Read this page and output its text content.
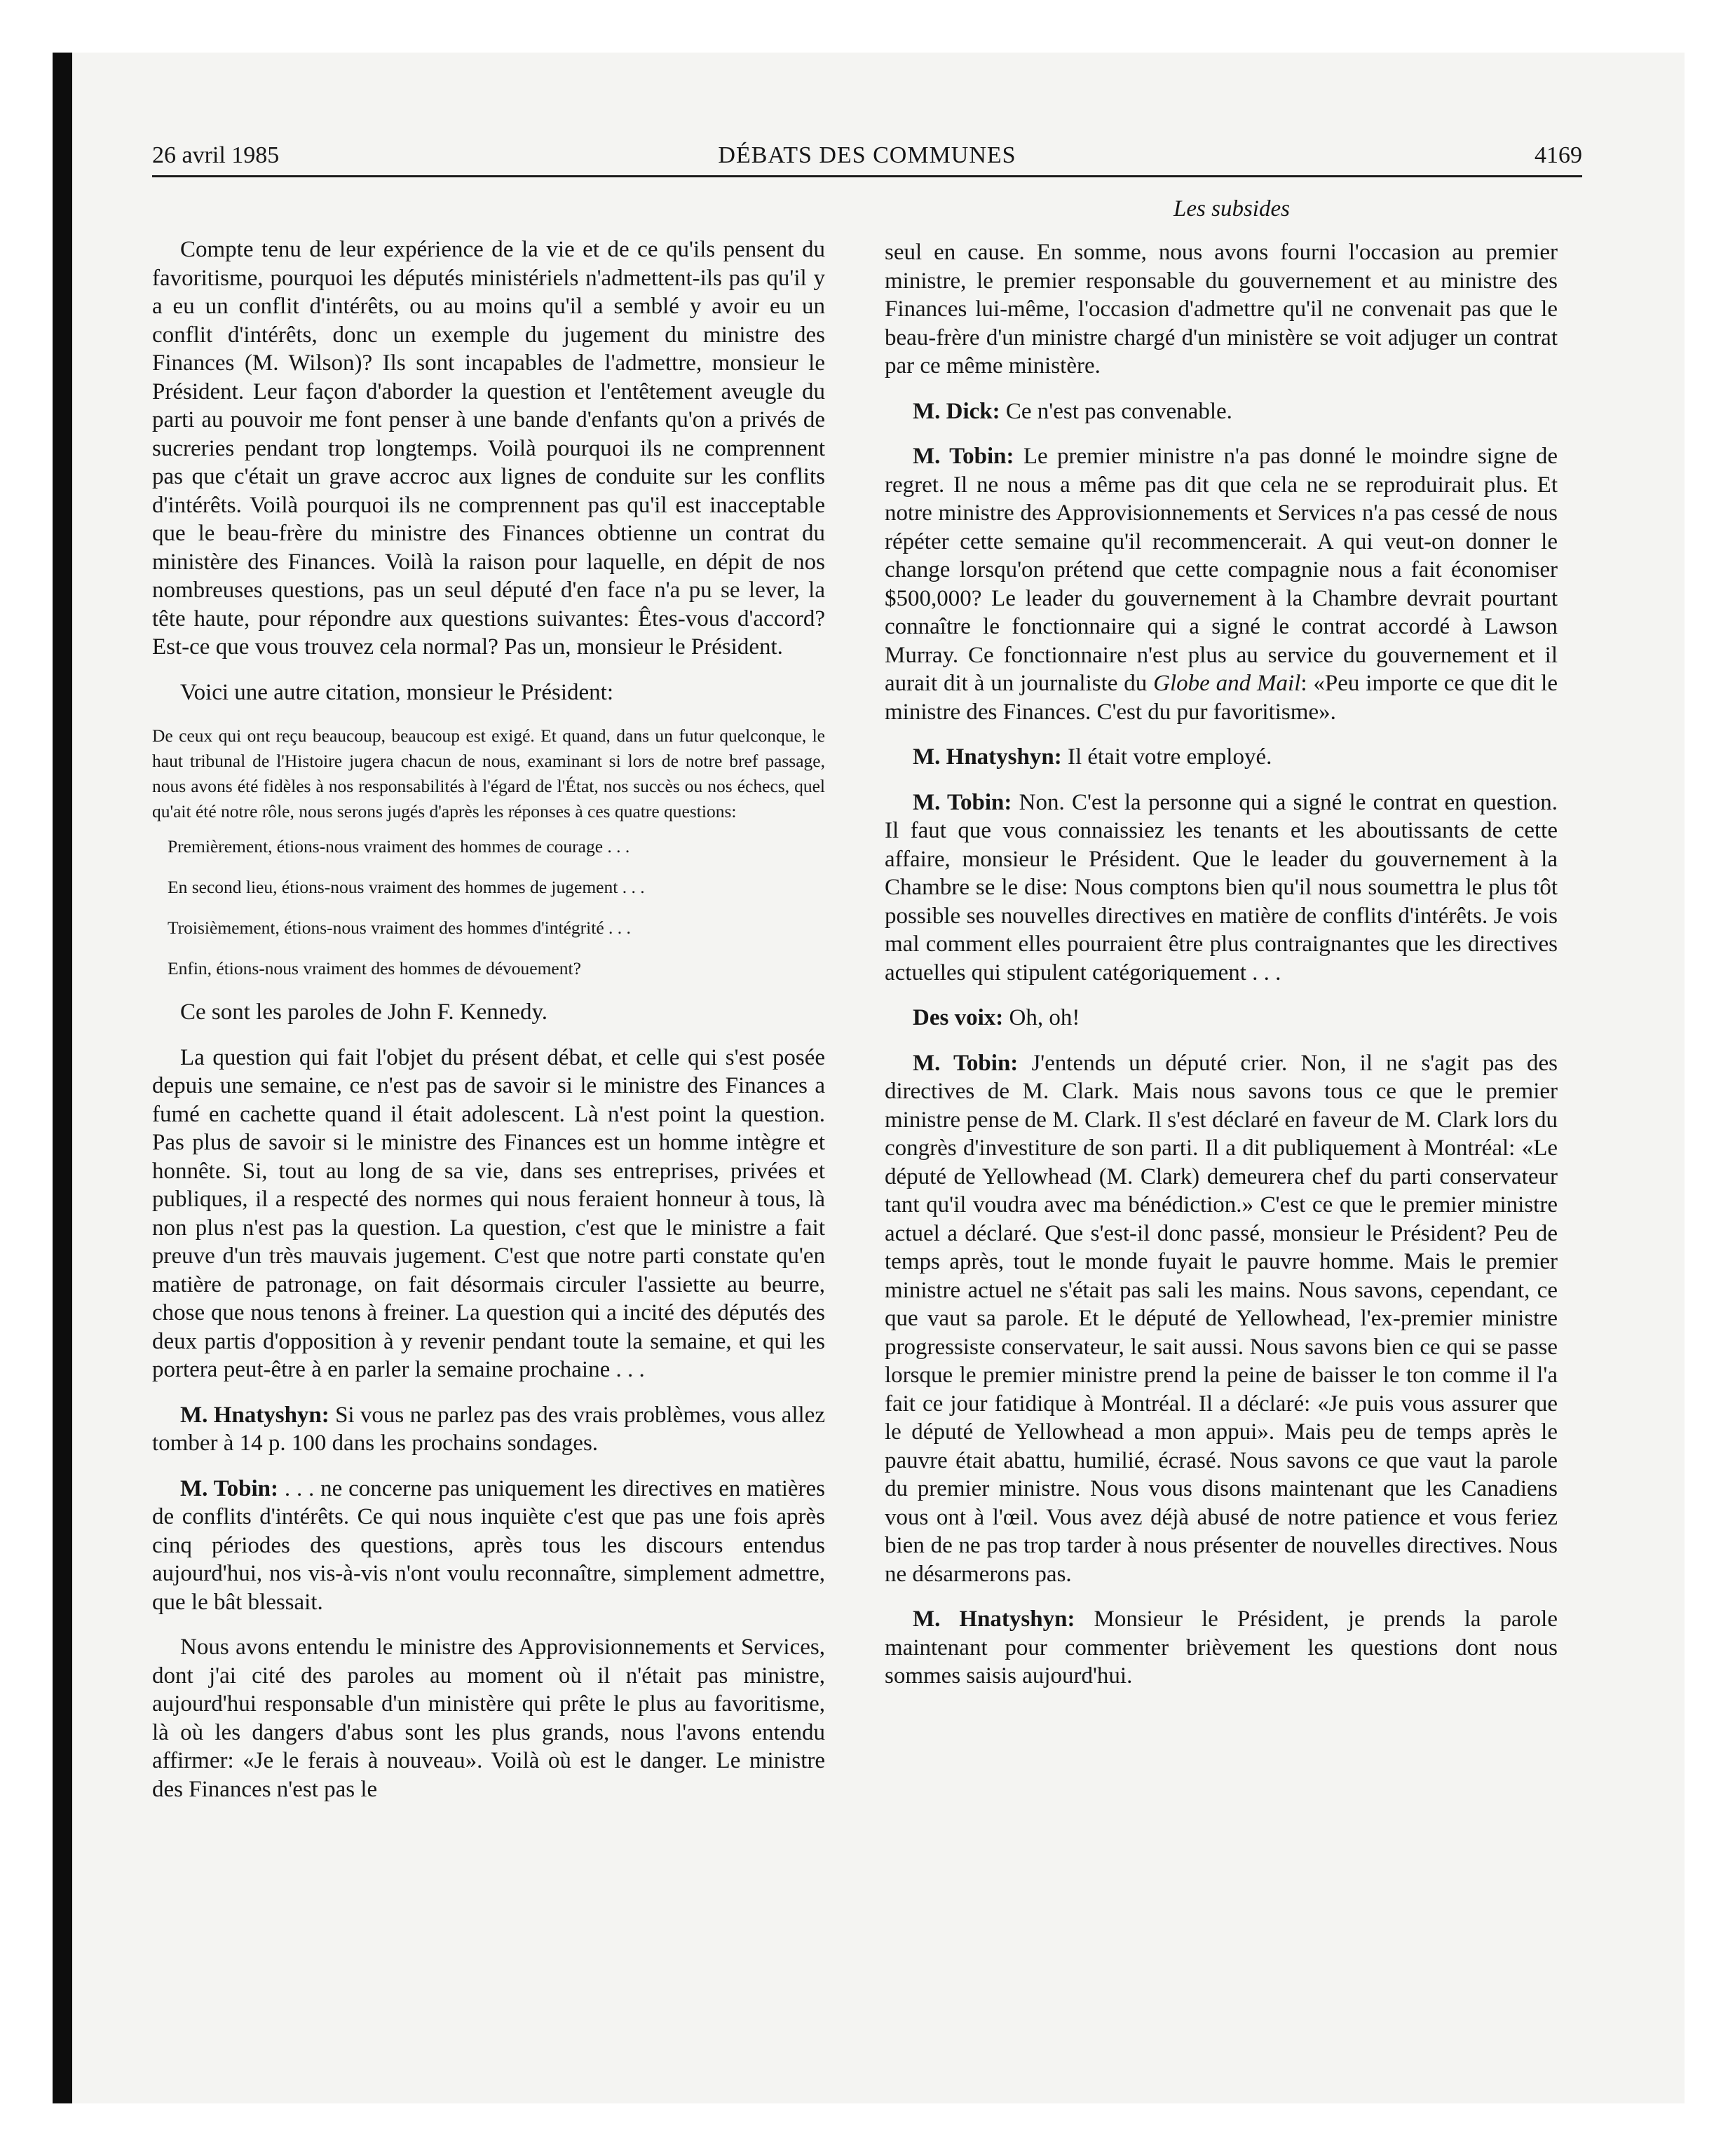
26 avril 1985	DÉBATS DES COMMUNES	4169
Les subsides

Compte tenu de leur expérience de la vie et de ce qu'ils pensent du favoritisme, pourquoi les députés ministériels n'admettent-ils pas qu'il y a eu un conflit d'intérêts, ou au moins qu'il a semblé y avoir eu un conflit d'intérêts, donc un exemple du jugement du ministre des Finances (M. Wilson)? Ils sont incapables de l'admettre, monsieur le Président. Leur façon d'aborder la question et l'entêtement aveugle du parti au pouvoir me font penser à une bande d'enfants qu'on a privés de sucreries pendant trop longtemps. Voilà pourquoi ils ne comprennent pas que c'était un grave accroc aux lignes de conduite sur les conflits d'intérêts. Voilà pourquoi ils ne comprennent pas qu'il est inacceptable que le beau-frère du ministre des Finances obtienne un contrat du ministère des Finances. Voilà la raison pour laquelle, en dépit de nos nombreuses questions, pas un seul député d'en face n'a pu se lever, la tête haute, pour répondre aux questions suivantes: Êtes-vous d'accord? Est-ce que vous trouvez cela normal? Pas un, monsieur le Président.

Voici une autre citation, monsieur le Président:

De ceux qui ont reçu beaucoup, beaucoup est exigé. Et quand, dans un futur quelconque, le haut tribunal de l'Histoire jugera chacun de nous, examinant si lors de notre bref passage, nous avons été fidèles à nos responsabilités à l'égard de l'État, nos succès ou nos échecs, quel qu'ait été notre rôle, nous serons jugés d'après les réponses à ces quatre questions:

Premièrement, étions-nous vraiment des hommes de courage . . .

En second lieu, étions-nous vraiment des hommes de jugement . . .

Troisièmement, étions-nous vraiment des hommes d'intégrité . . .

Enfin, étions-nous vraiment des hommes de dévouement?

Ce sont les paroles de John F. Kennedy.

La question qui fait l'objet du présent débat, et celle qui s'est posée depuis une semaine, ce n'est pas de savoir si le ministre des Finances a fumé en cachette quand il était adolescent. Là n'est point la question. Pas plus de savoir si le ministre des Finances est un homme intègre et honnête. Si, tout au long de sa vie, dans ses entreprises, privées et publiques, il a respecté des normes qui nous feraient honneur à tous, là non plus n'est pas la question. La question, c'est que le ministre a fait preuve d'un très mauvais jugement. C'est que notre parti constate qu'en matière de patronage, on fait désormais circuler l'assiette au beurre, chose que nous tenons à freiner. La question qui a incité des députés des deux partis d'opposition à y revenir pendant toute la semaine, et qui les portera peut-être à en parler la semaine prochaine . . .

M. Hnatyshyn: Si vous ne parlez pas des vrais problèmes, vous allez tomber à 14 p. 100 dans les prochains sondages.

M. Tobin: . . . ne concerne pas uniquement les directives en matières de conflits d'intérêts. Ce qui nous inquiète c'est que pas une fois après cinq périodes des questions, après tous les discours entendus aujourd'hui, nos vis-à-vis n'ont voulu reconnaître, simplement admettre, que le bât blessait.

Nous avons entendu le ministre des Approvisionnements et Services, dont j'ai cité des paroles au moment où il n'était pas ministre, aujourd'hui responsable d'un ministère qui prête le plus au favoritisme, là où les dangers d'abus sont les plus grands, nous l'avons entendu affirmer: «Je le ferais à nouveau». Voilà où est le danger. Le ministre des Finances n'est pas le

seul en cause. En somme, nous avons fourni l'occasion au premier ministre, le premier responsable du gouvernement et au ministre des Finances lui-même, l'occasion d'admettre qu'il ne convenait pas que le beau-frère d'un ministre chargé d'un ministère se voit adjuger un contrat par ce même ministère.

M. Dick: Ce n'est pas convenable.

M. Tobin: Le premier ministre n'a pas donné le moindre signe de regret. Il ne nous a même pas dit que cela ne se reproduirait plus. Et notre ministre des Approvisionnements et Services n'a pas cessé de nous répéter cette semaine qu'il recommencerait. A qui veut-on donner le change lorsqu'on prétend que cette compagnie nous a fait économiser $500,000? Le leader du gouvernement à la Chambre devrait pourtant connaître le fonctionnaire qui a signé le contrat accordé à Lawson Murray. Ce fonctionnaire n'est plus au service du gouvernement et il aurait dit à un journaliste du Globe and Mail: «Peu importe ce que dit le ministre des Finances. C'est du pur favoritisme».

M. Hnatyshyn: Il était votre employé.

M. Tobin: Non. C'est la personne qui a signé le contrat en question. Il faut que vous connaissiez les tenants et les aboutissants de cette affaire, monsieur le Président. Que le leader du gouvernement à la Chambre se le dise: Nous comptons bien qu'il nous soumettra le plus tôt possible ses nouvelles directives en matière de conflits d'intérêts. Je vois mal comment elles pourraient être plus contraignantes que les directives actuelles qui stipulent catégoriquement . . .

Des voix: Oh, oh!

M. Tobin: J'entends un député crier. Non, il ne s'agit pas des directives de M. Clark. Mais nous savons tous ce que le premier ministre pense de M. Clark. Il s'est déclaré en faveur de M. Clark lors du congrès d'investiture de son parti. Il a dit publiquement à Montréal: «Le député de Yellowhead (M. Clark) demeurera chef du parti conservateur tant qu'il voudra avec ma bénédiction.» C'est ce que le premier ministre actuel a déclaré. Que s'est-il donc passé, monsieur le Président? Peu de temps après, tout le monde fuyait le pauvre homme. Mais le premier ministre actuel ne s'était pas sali les mains. Nous savons, cependant, ce que vaut sa parole. Et le député de Yellowhead, l'ex-premier ministre progressiste conservateur, le sait aussi. Nous savons bien ce qui se passe lorsque le premier ministre prend la peine de baisser le ton comme il l'a fait ce jour fatidique à Montréal. Il a déclaré: «Je puis vous assurer que le député de Yellowhead a mon appui». Mais peu de temps après le pauvre était abattu, humilié, écrasé. Nous savons ce que vaut la parole du premier ministre. Nous vous disons maintenant que les Canadiens vous ont à l'œil. Vous avez déjà abusé de notre patience et vous feriez bien de ne pas trop tarder à nous présenter de nouvelles directives. Nous ne désarmerons pas.

M. Hnatyshyn: Monsieur le Président, je prends la parole maintenant pour commenter brièvement les questions dont nous sommes saisis aujourd'hui.
